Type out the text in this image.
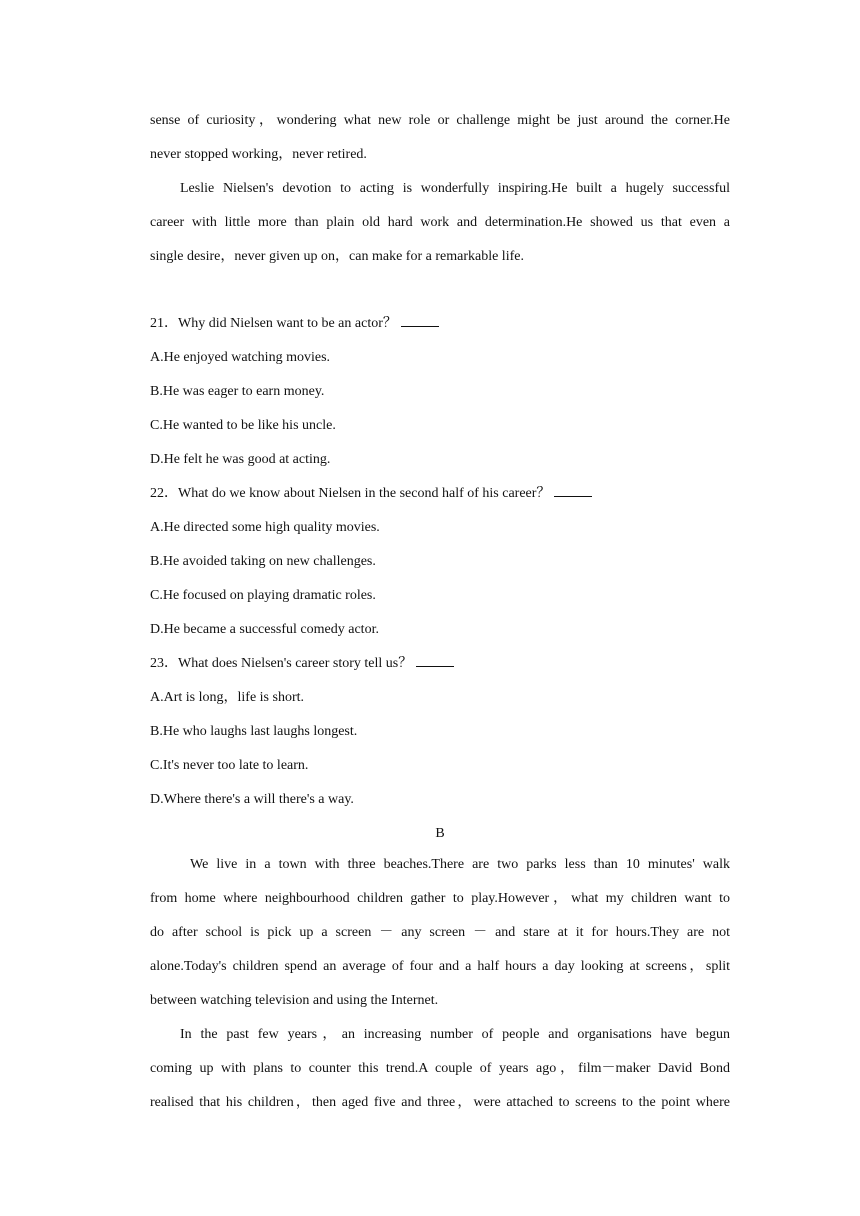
sense of curiosity，wondering what new role or challenge might be just around the corner.He
never stopped working，never retired.
Leslie Nielsen's devotion to acting is wonderfully inspiring.He built a hugely successful
career with little more than plain old hard work and determination.He showed us that even a
single desire，never given up on，can make for a remarkable life.
21．Why did Nielsen want to be an actor？
A.He enjoyed watching movies.
B.He was eager to earn money.
C.He wanted to be like his uncle.
D.He felt he was good at acting.
22．What do we know about Nielsen in the second half of his career？
A.He directed some high quality movies.
B.He avoided taking on new challenges.
C.He focused on playing dramatic roles.
D.He became a successful comedy actor.
23．What does Nielsen's career story tell us？
A.Art is long，life is short.
B.He who laughs last laughs longest.
C.It's never too late to learn.
D.Where there's a will there's a way.
B
We live in a town with three beaches.There are two parks less than 10 minutes' walk
from home where neighbourhood children gather to play.However，what my children want to
do after school is pick up a screen － any screen － and stare at it for hours.They are not
alone.Today's children spend an average of four and a half hours a day looking at screens，split
between watching television and using the Internet.
In the past few years，an increasing number of people and organisations have begun
coming up with plans to counter this trend.A couple of years ago，film－maker David Bond
realised that his children，then aged five and three，were attached to screens to the point where
